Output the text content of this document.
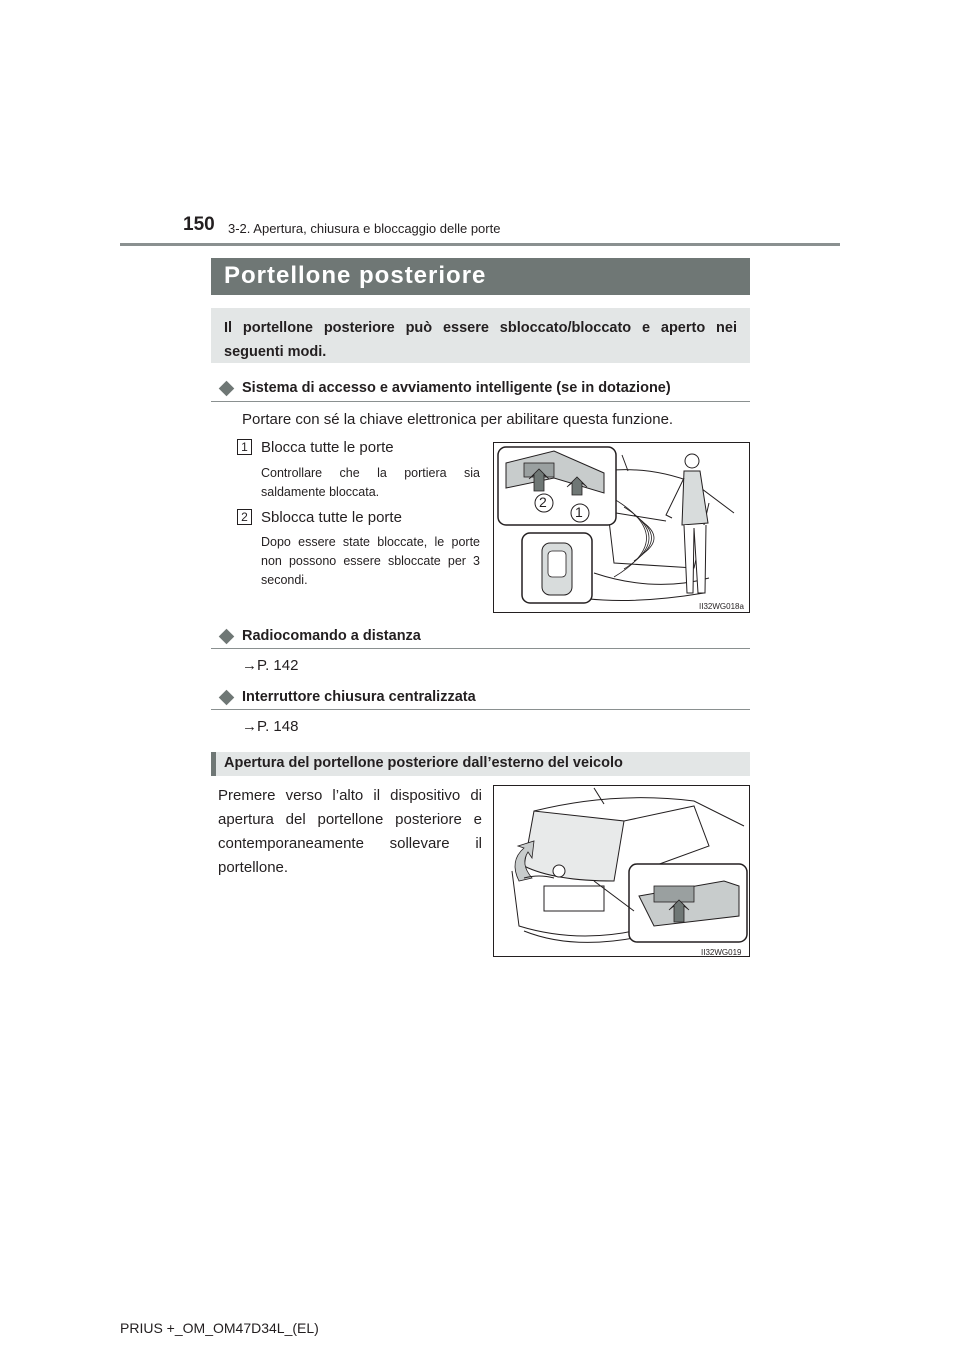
150 3-2. Apertura, chiusura e bloccaggio delle porte
Portellone posteriore
Il portellone posteriore può essere sbloccato/bloccato e aperto nei seguenti modi.
Sistema di accesso e avviamento intelligente (se in dotazione)
Portare con sé la chiave elettronica per abilitare questa funzione.
1 Blocca tutte le porte
Controllare che la portiera sia saldamente bloccata.
2 Sblocca tutte le porte
Dopo essere state bloccate, le porte non possono essere sbloccate per 3 secondi.
2
1
II32WG018a
Radiocomando a distanza
→P. 142
Interruttore chiusura centralizzata
→P. 148
Apertura del portellone posteriore dall’esterno del veicolo
Premere verso l’alto il dispositivo di apertura del portellone posteriore e contemporaneamente sollevare il portellone.
II32WG019
PRIUS +_OM_OM47D34L_(EL)
